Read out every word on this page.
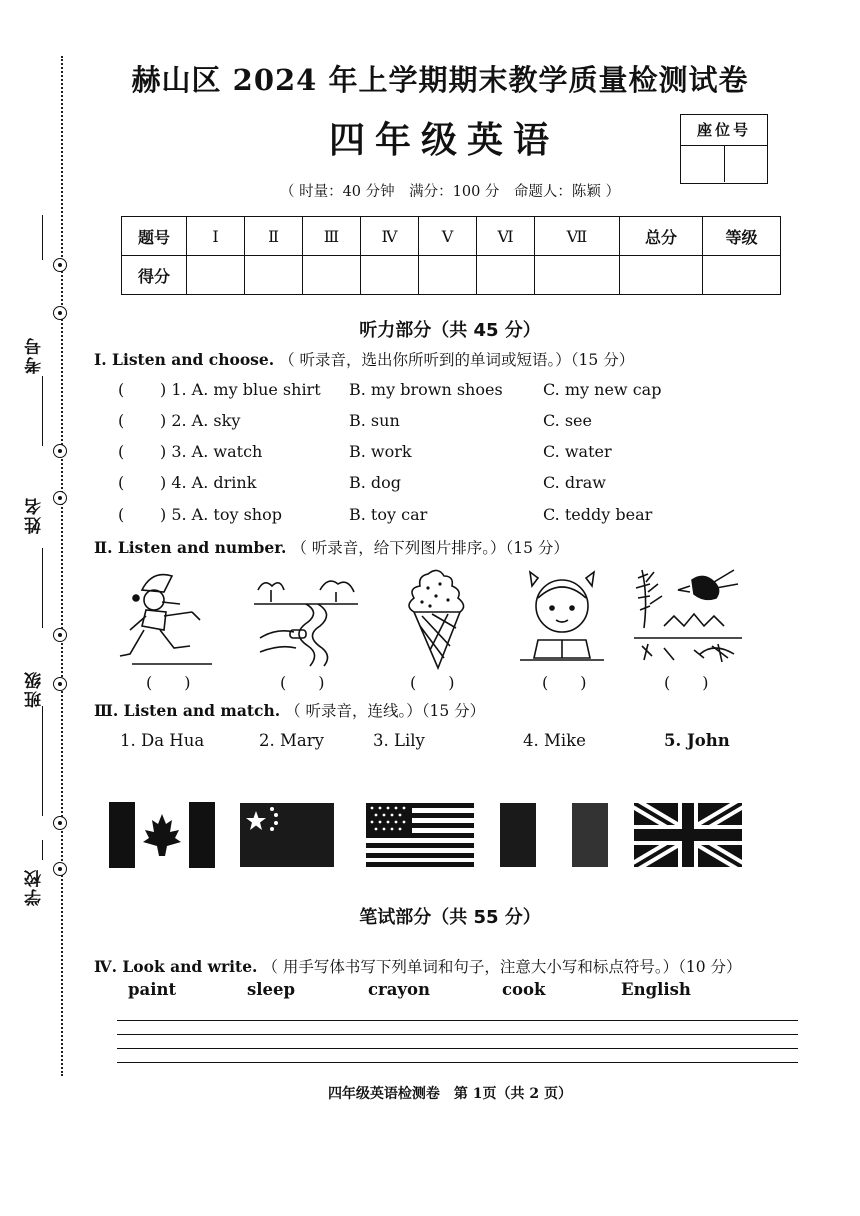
考号
姓名
班级
学校
赫山区 2024 年上学期期末教学质量检测试卷
四年级英语	座位号
（ 时量：40 分钟　满分：100 分　命题人：陈颖 ）
题号	Ⅰ	Ⅱ	Ⅲ	Ⅳ	Ⅴ	Ⅵ	Ⅶ	总分	等级
得分									
听力部分（共 45 分）
Ⅰ. Listen and choose. （ 听录音，选出你所听到的单词或短语。）（15 分）
( ) 1. A. my blue shirt B. my brown shoes	C. my new cap
( ) 2. A. sky	B. sun	C. see
( ) 3. A. watch	B. work	C. water
( ) 4. A. drink	B. dog	C. draw
( ) 5. A. toy shop	B. toy car	C. teddy bear
Ⅱ. Listen and number. （ 听录音，给下列图片排序。）（15 分）
(　　)	(　　)	(　　)	(　　)	(　　)
Ⅲ. Listen and match. （ 听录音，连线。）（15 分）
1. Da Hua	2. Mary	3. Lily	4. Mike	5. John
笔试部分（共 55 分）
Ⅳ. Look and write. （ 用手写体书写下列单词和句子，注意大小写和标点符号。）（10 分）
paint	sleep	crayon	cook	English
四年级英语检测卷　第 1页（共 2 页）
